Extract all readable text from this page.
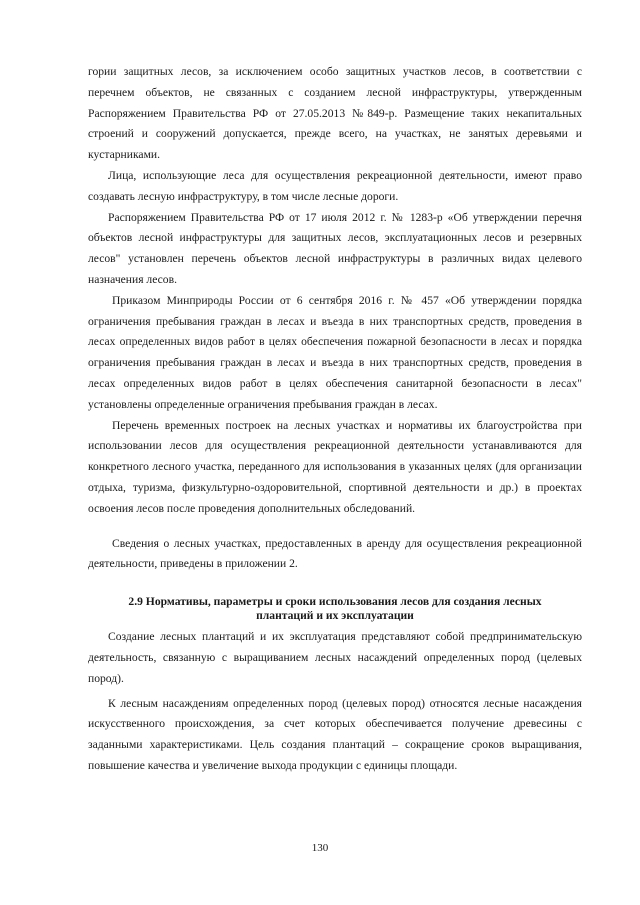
гории защитных лесов, за исключением особо защитных участков лесов, в соответствии с перечнем объектов, не связанных с созданием лесной инфраструктуры, утвержденным Распоряжением Правительства РФ от 27.05.2013 №849-р. Размещение таких некапитальных строений и сооружений допускается, прежде всего, на участках, не занятых деревьями и кустарниками.

Лица, использующие леса для осуществления рекреационной деятельности, имеют право создавать лесную инфраструктуру, в том числе лесные дороги.

Распоряжением Правительства РФ от 17 июля 2012 г. № 1283-р «Об утверждении перечня объектов лесной инфраструктуры для защитных лесов, эксплуатационных лесов и резервных лесов" установлен перечень объектов лесной инфраструктуры в различных видах целевого назначения лесов.

Приказом Минприроды России от 6 сентября 2016 г. № 457 «Об утверждении порядка ограничения пребывания граждан в лесах и въезда в них транспортных средств, проведения в лесах определенных видов работ в целях обеспечения пожарной безопасности в лесах и порядка ограничения пребывания граждан в лесах и въезда в них транспортных средств, проведения в лесах определенных видов работ в целях обеспечения санитарной безопасности в лесах" установлены определенные ограничения пребывания граждан в лесах.

Перечень временных построек на лесных участках и нормативы их благоустройства при использовании лесов для осуществления рекреационной деятельности устанавливаются для конкретного лесного участка, переданного для использования в указанных целях (для организации отдыха, туризма, физкультурно-оздоровительной, спортивной деятельности и др.) в проектах освоения лесов после проведения дополнительных обследований.

Сведения о лесных участках, предоставленных в аренду для осуществления рекреационной деятельности, приведены в приложении 2.

2.9 Нормативы, параметры и сроки использования лесов для создания лесных
плантаций и их эксплуатации

Создание лесных плантаций и их эксплуатация представляют собой предпринимательскую деятельность, связанную с выращиванием лесных насаждений определенных пород (целевых пород).

К лесным насаждениям определенных пород (целевых пород) относятся лесные насаждения искусственного происхождения, за счет которых обеспечивается получение древесины с заданными характеристиками. Цель создания плантаций – сокращение сроков выращивания, повышение качества и увеличение выхода продукции с единицы площади.

130
